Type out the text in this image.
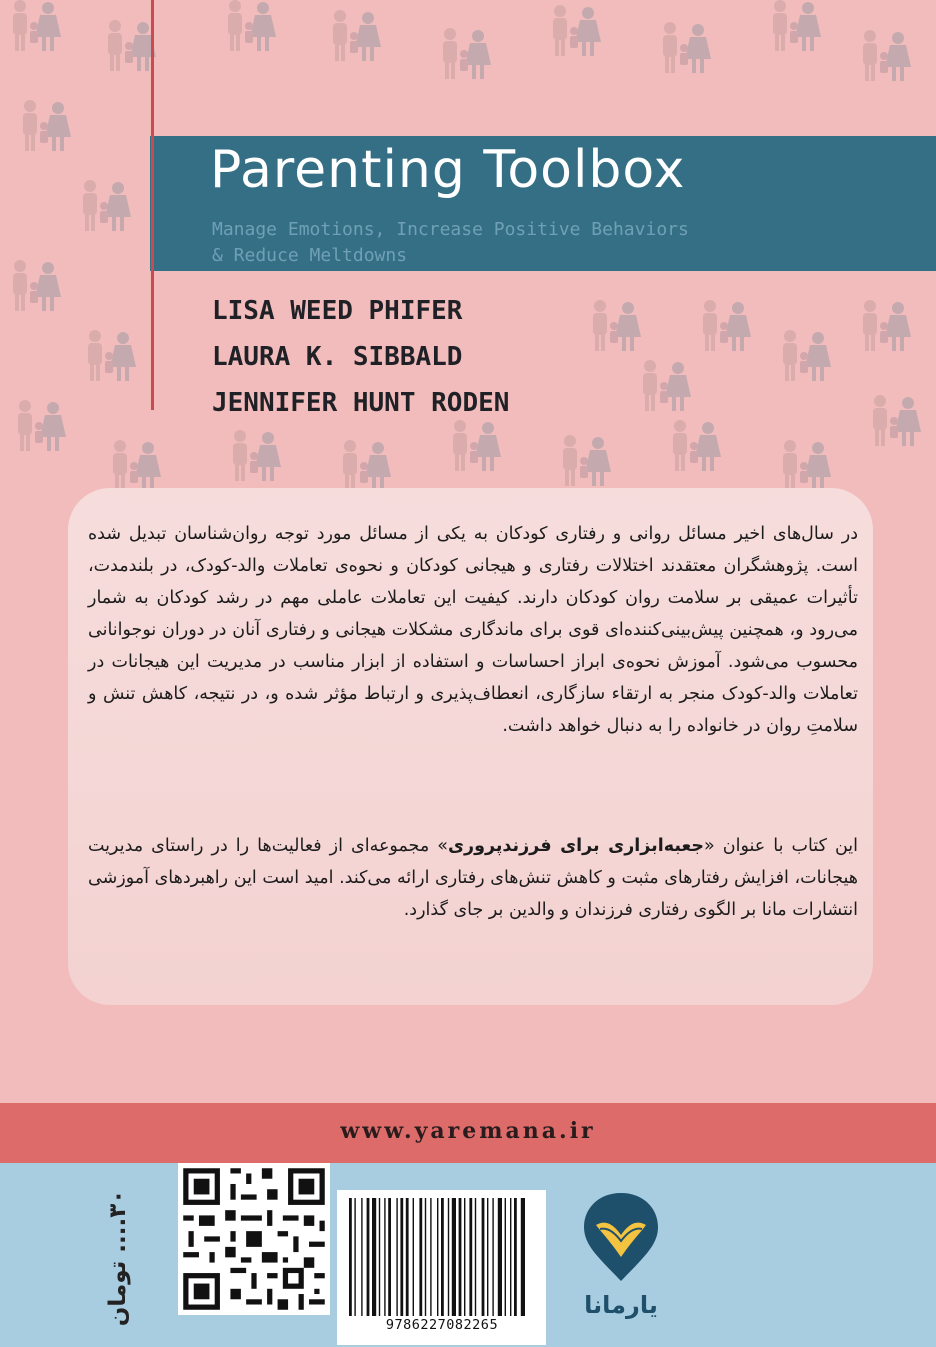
Parenting Toolbox
Manage Emotions, Increase Positive Behaviors
& Reduce Meltdowns
LISA WEED PHIFER
LAURA K. SIBBALD
JENNIFER HUNT RODEN
در سال‌های اخیر مسائل روانی و رفتاری کودکان به یکی از مسائل مورد توجه روان‌شناسان تبدیل شده است. پژوهشگران معتقدند اختلالات رفتاری و هیجانی کودکان و نحوه‌ی تعاملات والد-کودک، در بلندمدت، تأثیرات عمیقی بر سلامت روان کودکان دارند. کیفیت این تعاملات عاملی مهم در رشد کودکان به شمار می‌رود و، همچنین پیش‌بینی‌کننده‌ای قوی برای ماندگاری مشکلات هیجانی و رفتاری آنان در دوران نوجوانانی محسوب می‌شود. آموزش نحوه‌ی ابراز احساسات و استفاده از ابزار مناسب در مدیریت این هیجانات در تعاملات والد-کودک منجر به ارتقاء سازگاری، انعطاف‌پذیری و ارتباط مؤثر شده و، در نتیجه، کاهش تنش و سلامتِ روان در خانواده را به دنبال خواهد داشت.
این کتاب با عنوان «جعبه‌ابزاری برای فرزندپروری» مجموعه‌ای از فعالیت‌ها را در راستای مدیریت هیجانات، افزایش رفتارهای مثبت و کاهش تنش‌های رفتاری ارائه می‌کند. امید است این راهبردهای آموزشی انتشارات مانا بر الگوی رفتاری فرزندان و والدین بر جای گذارد.
www.yaremana.ir
۳۰.... تومان
9786227082265
یارمانا
